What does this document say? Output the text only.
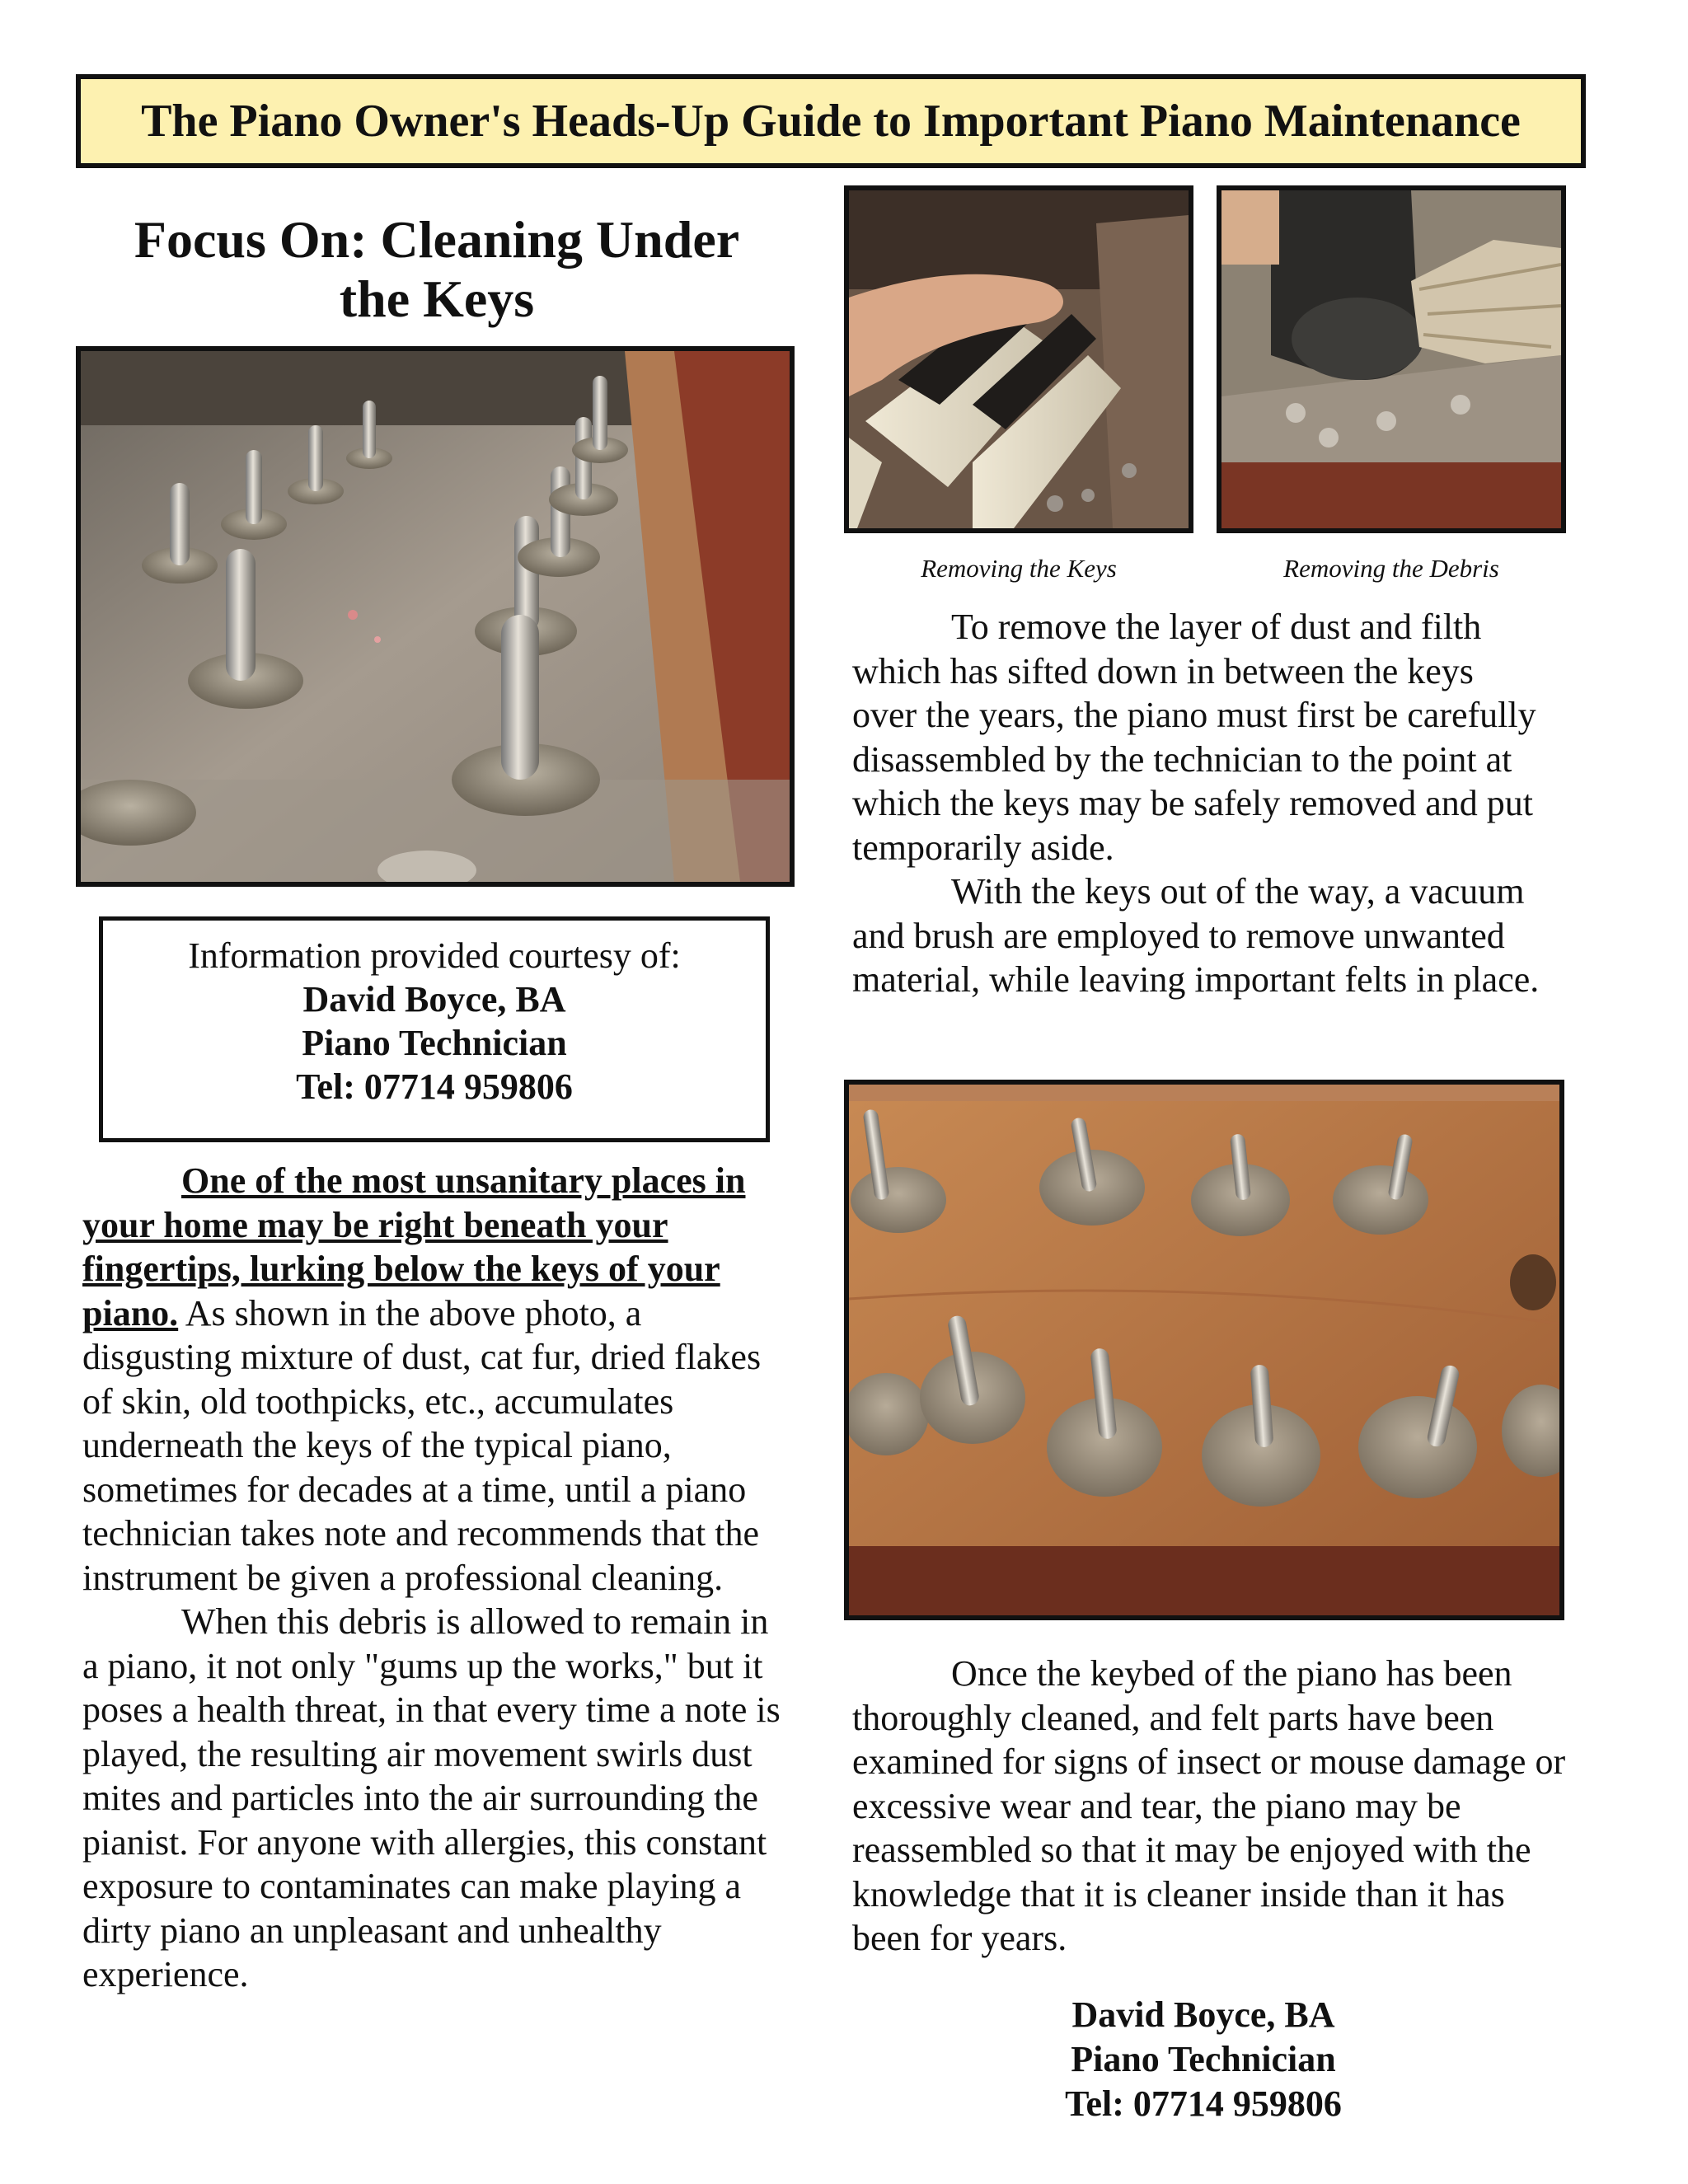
The Piano Owner's Heads-Up Guide to Important Piano Maintenance
Focus On: Cleaning Under
the Keys
Removing the Keys	Removing the Debris
Information provided courtesy of:
David Boyce, BA
Piano Technician
Tel: 07714 959806

One of the most unsanitary places in your home may be right beneath your fingertips, lurking below the keys of your piano. As shown in the above photo, a disgusting mixture of dust, cat fur, dried flakes of skin, old toothpicks, etc., accumulates underneath the keys of the typical piano, sometimes for decades at a time, until a piano technician takes note and recommends that the instrument be given a professional cleaning.

When this debris is allowed to remain in a piano, it not only "gums up the works," but it poses a health threat, in that every time a note is played, the resulting air movement swirls dust mites and particles into the air surrounding the pianist. For anyone with allergies, this constant exposure to contaminates can make playing a dirty piano an unpleasant and unhealthy experience.

To remove the layer of dust and filth which has sifted down in between the keys over the years, the piano must first be carefully disassembled by the technician to the point at which the keys may be safely removed and put temporarily aside.

With the keys out of the way, a vacuum and brush are employed to remove unwanted material, while leaving important felts in place.

Once the keybed of the piano has been thoroughly cleaned, and felt parts have been examined for signs of insect or mouse damage or excessive wear and tear, the piano may be reassembled so that it may be enjoyed with the knowledge that it is cleaner inside than it has been for years.

David Boyce, BA
Piano Technician
Tel: 07714 959806
